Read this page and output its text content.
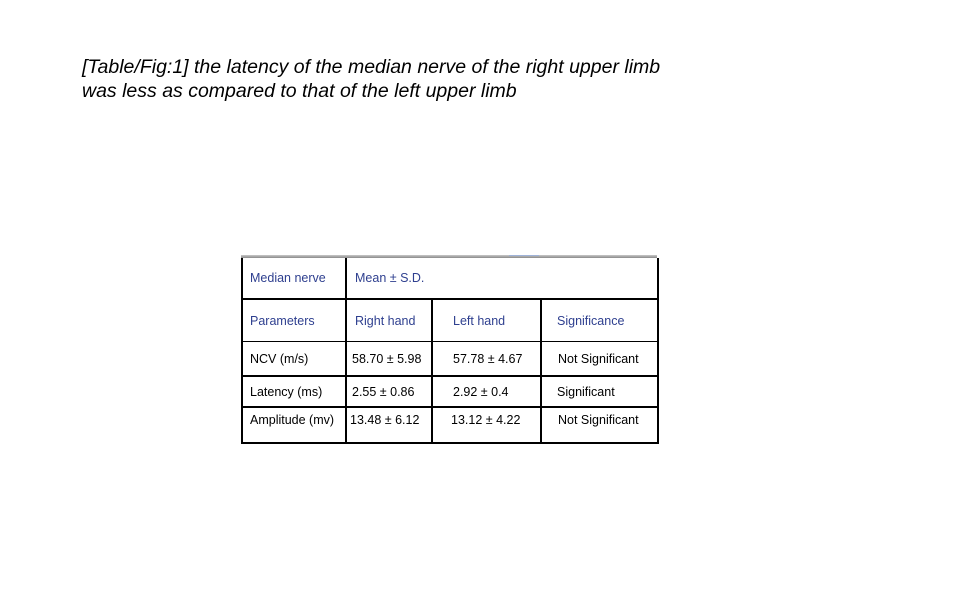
[Table/Fig:1] the latency of the median nerve of the right upper limb
was less as compared to that of the left upper limb
Median nerve	Mean ± S.D.		
Parameters	Right hand	Left hand	Significance
NCV (m/s)	58.70 ± 5.98	57.78 ± 4.67	Not Significant
Latency (ms)	2.55 ± 0.86	2.92 ± 0.4	Significant
Amplitude (mv)	13.48 ± 6.12	13.12 ± 4.22	Not Significant
